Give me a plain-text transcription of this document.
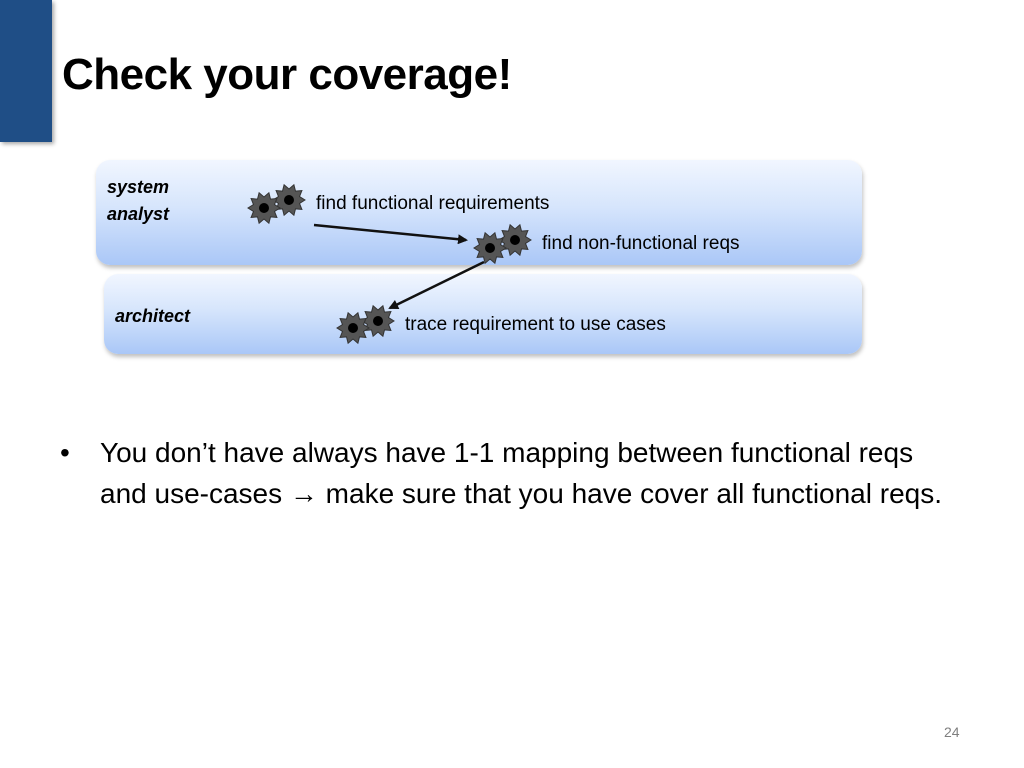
Check your coverage!
system
analyst
architect
find functional requirements
find non-functional reqs
trace requirement to use cases
• You don’t have always have 1-1 mapping between functional reqs and use-cases → make sure that you have cover all functional reqs.
24
